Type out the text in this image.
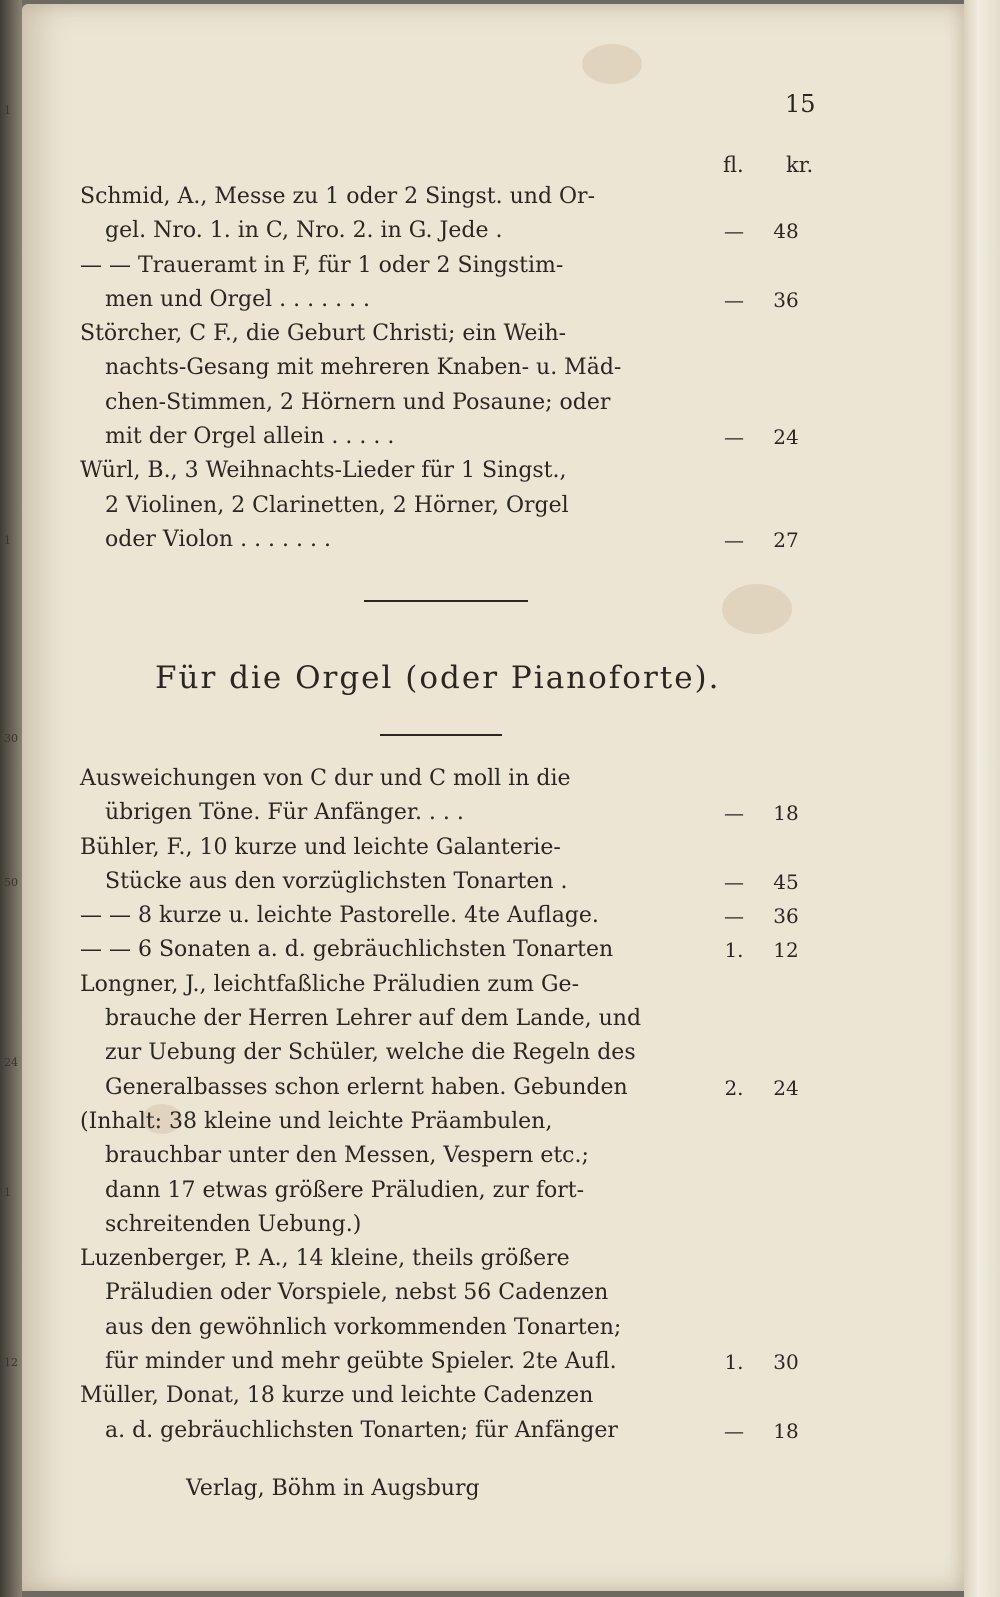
1
1
30
50
24
1
12
15
fl. kr.
Schmid, A., Messe zu 1 oder 2 Singst. und Or-
gel. Nro. 1. in C, Nro. 2. in G. Jede .	— 48
— — Traueramt in F, für 1 oder 2 Singstim-
men und Orgel . . . . . . .	— 36
Störcher, C F., die Geburt Christi; ein Weih-
nachts-Gesang mit mehreren Knaben- u. Mäd-
chen-Stimmen, 2 Hörnern und Posaune; oder
mit der Orgel allein . . . . .	— 24
Würl, B., 3 Weihnachts-Lieder für 1 Singst.,
2 Violinen, 2 Clarinetten, 2 Hörner, Orgel
oder Violon . . . . . . .	— 27
Für die Orgel (oder Pianoforte).
Ausweichungen von C dur und C moll in die
übrigen Töne. Für Anfänger. . . .	— 18
Bühler, F., 10 kurze und leichte Galanterie-
Stücke aus den vorzüglichsten Tonarten .	— 45
— — 8 kurze u. leichte Pastorelle. 4te Auflage.	— 36
— — 6 Sonaten a. d. gebräuchlichsten Tonarten	1. 12
Longner, J., leichtfaßliche Präludien zum Ge-
brauche der Herren Lehrer auf dem Lande, und
zur Uebung der Schüler, welche die Regeln des
Generalbasses schon erlernt haben. Gebunden	2. 24
(Inhalt: 38 kleine und leichte Präambulen,
brauchbar unter den Messen, Vespern etc.;
dann 17 etwas größere Präludien, zur fort-
schreitenden Uebung.)
Luzenberger, P. A., 14 kleine, theils größere
Präludien oder Vorspiele, nebst 56 Cadenzen
aus den gewöhnlich vorkommenden Tonarten;
für minder und mehr geübte Spieler. 2te Aufl.	1. 30
Müller, Donat, 18 kurze und leichte Cadenzen
a. d. gebräuchlichsten Tonarten; für Anfänger	— 18
Verlag, Böhm in Augsburg
